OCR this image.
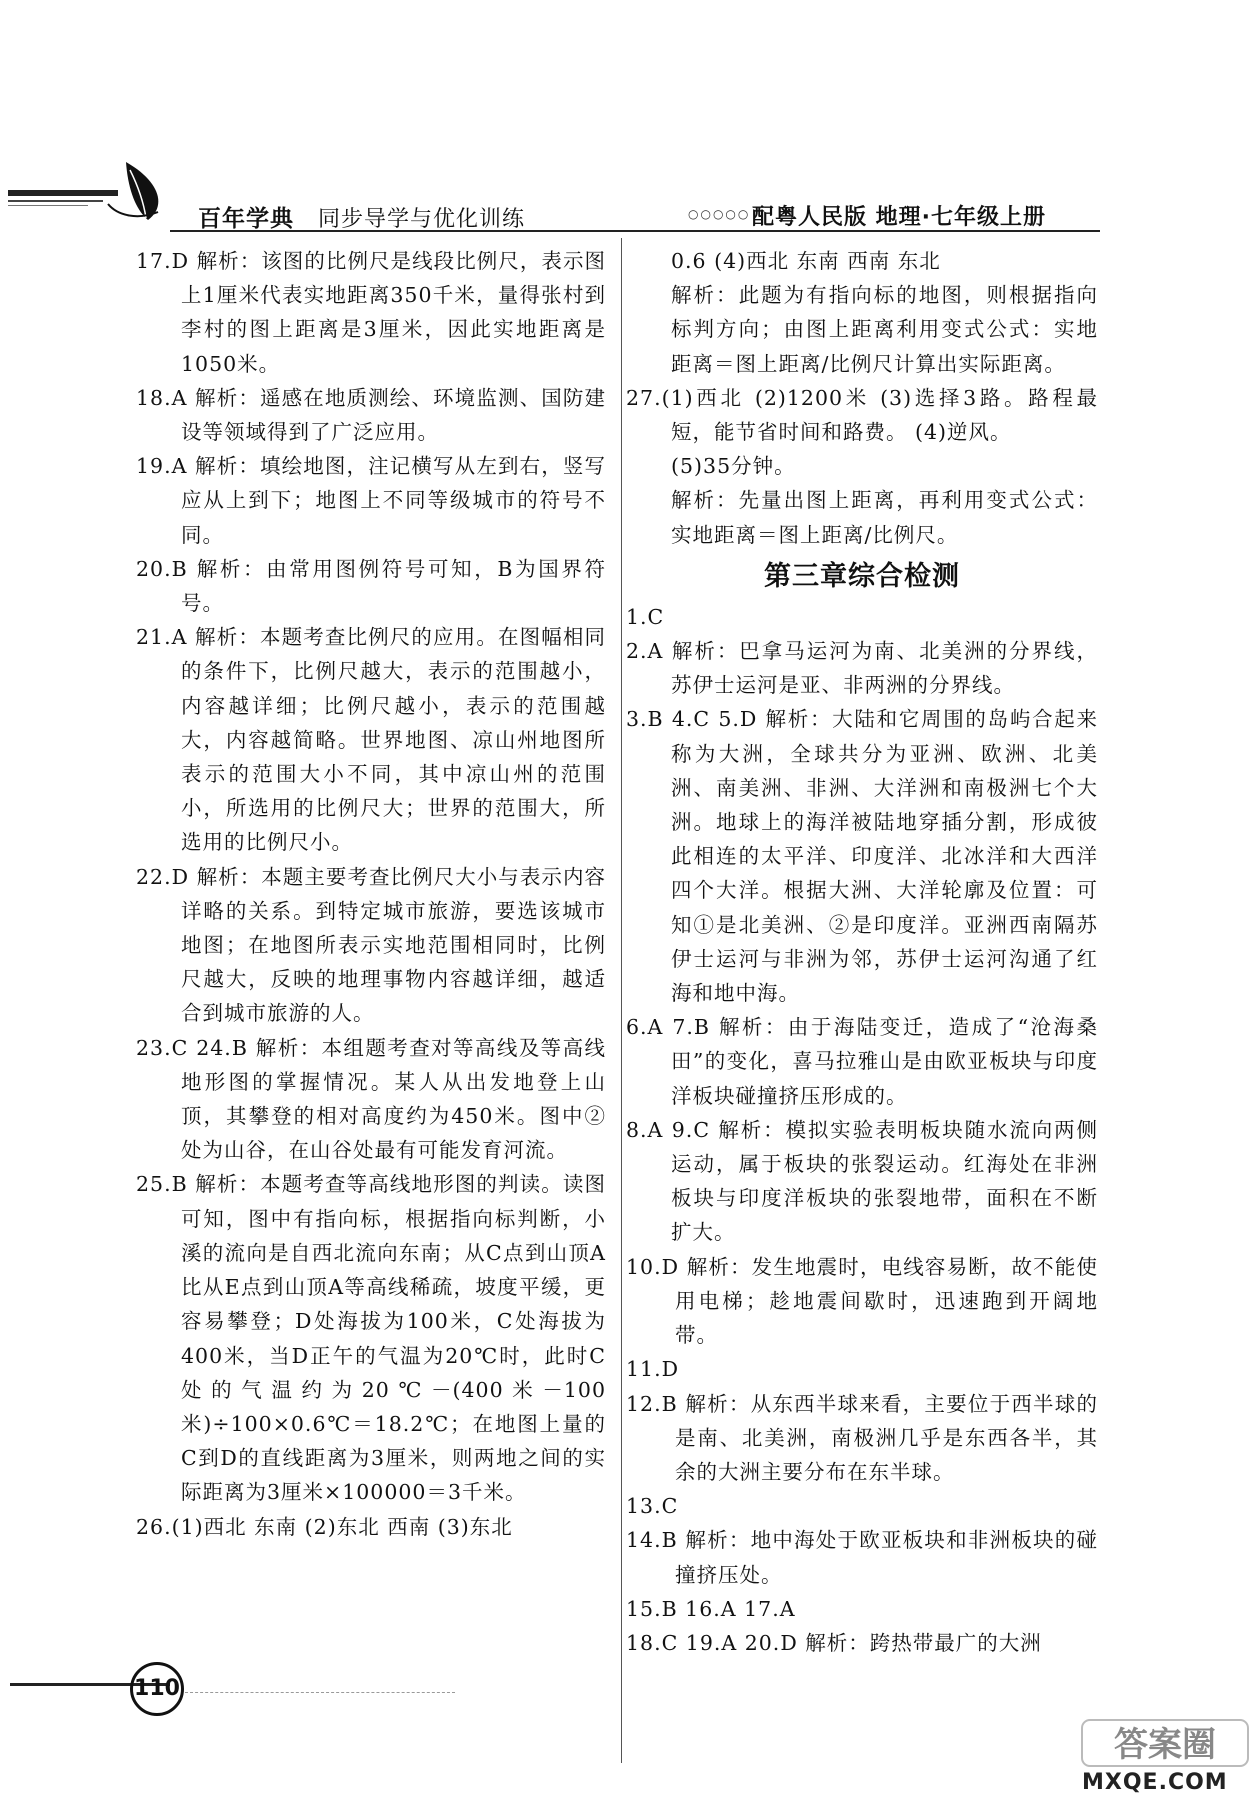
百年学典 同步导学与优化训练	○○○○○ 配粤人民版 地理·七年级上册

17.D 解析：该图的比例尺是线段比例尺，表示图上1厘米代表实地距离350千米，量得张村到李村的图上距离是3厘米，因此实地距离是1050米。

18.A 解析：遥感在地质测绘、环境监测、国防建设等领域得到了广泛应用。

19.A 解析：填绘地图，注记横写从左到右，竖写应从上到下；地图上不同等级城市的符号不同。

20.B 解析：由常用图例符号可知，B为国界符号。

21.A 解析：本题考查比例尺的应用。在图幅相同的条件下，比例尺越大，表示的范围越小，内容越详细；比例尺越小，表示的范围越大，内容越简略。世界地图、凉山州地图所表示的范围大小不同，其中凉山州的范围小，所选用的比例尺大；世界的范围大，所选用的比例尺小。

22.D 解析：本题主要考查比例尺大小与表示内容详略的关系。到特定城市旅游，要选该城市地图；在地图所表示实地范围相同时，比例尺越大，反映的地理事物内容越详细，越适合到城市旅游的人。

23.C 24.B 解析：本组题考查对等高线及等高线地形图的掌握情况。某人从出发地登上山顶，其攀登的相对高度约为450米。图中②处为山谷，在山谷处最有可能发育河流。

25.B 解析：本题考查等高线地形图的判读。读图可知，图中有指向标，根据指向标判断，小溪的流向是自西北流向东南；从C点到山顶A比从E点到山顶A等高线稀疏，坡度平缓，更容易攀登；D处海拔为100米，C处海拔为400米，当D正午的气温为20℃时，此时C处的气温约为20℃－(400米－100米)÷100×0.6℃＝18.2℃；在地图上量的C到D的直线距离为3厘米，则两地之间的实际距离为3厘米×100000＝3千米。

26.(1)西北 东南 (2)东北 西南 (3)东北

0.6 (4)西北 东南 西南 东北

解析：此题为有指向标的地图，则根据指向标判方向；由图上距离利用变式公式：实地距离＝图上距离/比例尺计算出实际距离。

27.(1)西北 (2)1200米 (3)选择3路。路程最短，能节省时间和路费。 (4)逆风。

(5)35分钟。

解析：先量出图上距离，再利用变式公式：实地距离＝图上距离/比例尺。

第三章综合检测

1.C

2.A 解析：巴拿马运河为南、北美洲的分界线，苏伊士运河是亚、非两洲的分界线。

3.B 4.C 5.D 解析：大陆和它周围的岛屿合起来称为大洲，全球共分为亚洲、欧洲、北美洲、南美洲、非洲、大洋洲和南极洲七个大洲。地球上的海洋被陆地穿插分割，形成彼此相连的太平洋、印度洋、北冰洋和大西洋四个大洋。根据大洲、大洋轮廓及位置：可知①是北美洲、②是印度洋。亚洲西南隔苏伊士运河与非洲为邻，苏伊士运河沟通了红海和地中海。

6.A 7.B 解析：由于海陆变迁，造成了“沧海桑田”的变化，喜马拉雅山是由欧亚板块与印度洋板块碰撞挤压形成的。

8.A 9.C 解析：模拟实验表明板块随水流向两侧运动，属于板块的张裂运动。红海处在非洲板块与印度洋板块的张裂地带，面积在不断扩大。

10.D 解析：发生地震时，电线容易断，故不能使用电梯；趁地震间歇时，迅速跑到开阔地带。

11.D

12.B 解析：从东西半球来看，主要位于西半球的是南、北美洲，南极洲几乎是东西各半，其余的大洲主要分布在东半球。

13.C

14.B 解析：地中海处于欧亚板块和非洲板块的碰撞挤压处。

15.B 16.A 17.A

18.C 19.A 20.D 解析：跨热带最广的大洲

110
答案圈
MXQE.COM
